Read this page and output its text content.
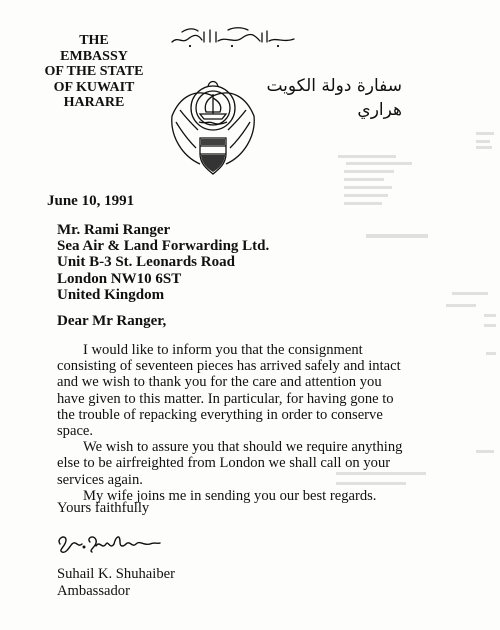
THE
EMBASSY
OF THE STATE
OF KUWAIT
HARARE
سفارة دولة الكويت
هراري
June 10, 1991
Mr. Rami Ranger
Sea Air & Land Forwarding Ltd.
Unit B-3 St. Leonards Road
London NW10 6ST
United Kingdom
Dear Mr Ranger,
I would like to inform you that the consignment
consisting of seventeen pieces has arrived safely and intact
and we wish to thank you for the care and attention you
have given to this matter. In particular, for having gone to
the trouble of repacking everything in order to conserve
space.
We wish to assure you that should we require anything
else to be airfreighted from London we shall call on your
services again.
My wife joins me in sending you our best regards.
Yours faithfully
Suhail K. Shuhaiber
Ambassador
